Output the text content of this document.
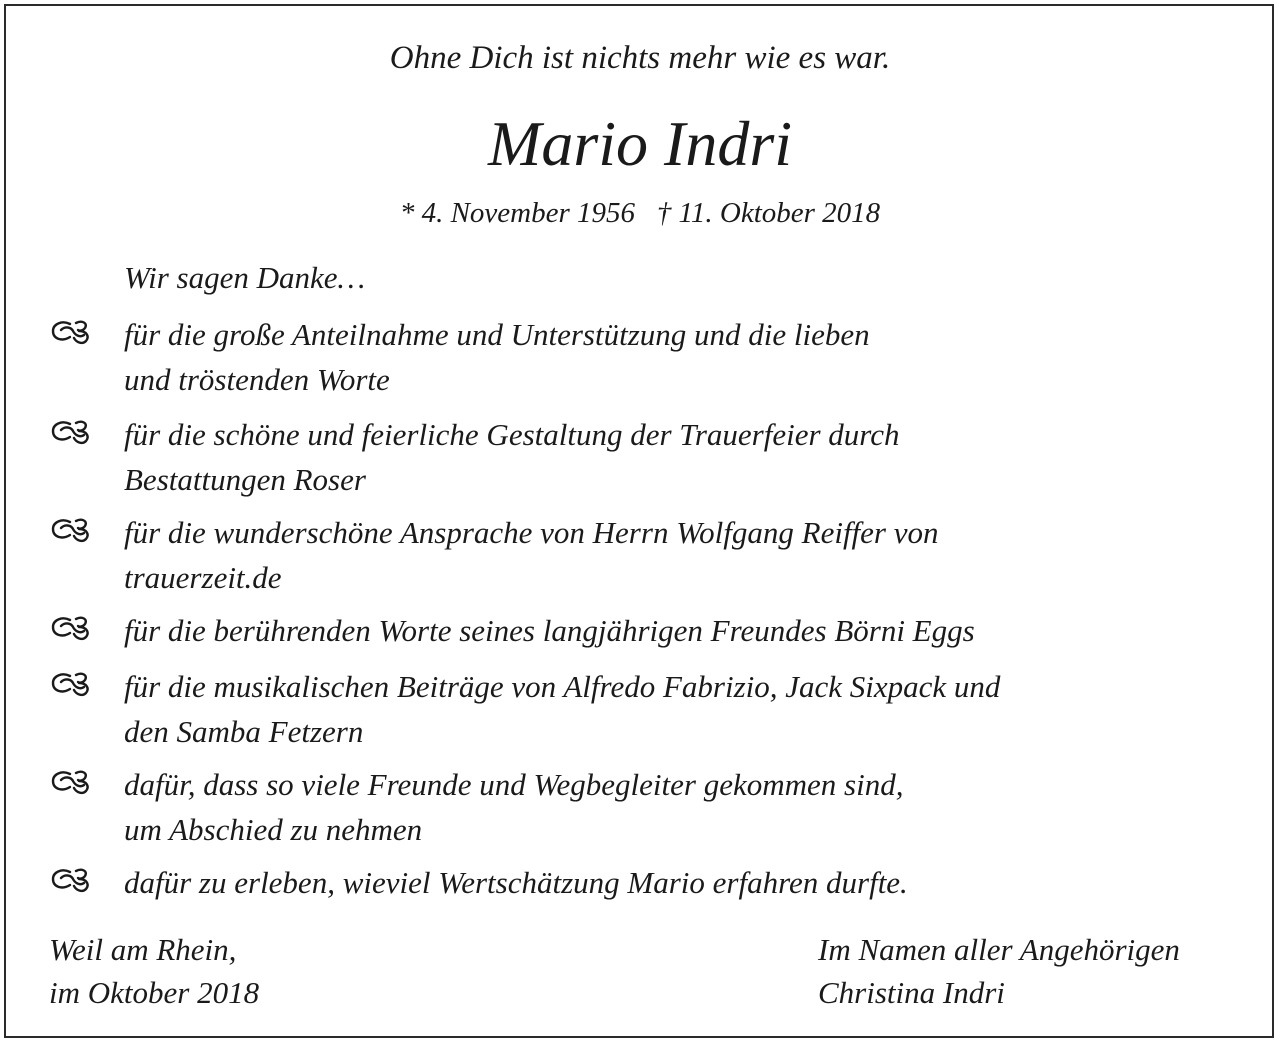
Ohne Dich ist nichts mehr wie es war.
Mario Indri
* 4. November 1956   † 11. Oktober 2018
Wir sagen Danke…
für die große Anteilnahme und Unterstützung und die lieben
und tröstenden Worte
für die schöne und feierliche Gestaltung der Trauerfeier durch
Bestattungen Roser
für die wunderschöne Ansprache von Herrn Wolfgang Reiffer von
trauerzeit.de
für die berührenden Worte seines langjährigen Freundes Börni Eggs
für die musikalischen Beiträge von Alfredo Fabrizio, Jack Sixpack und
den Samba Fetzern
dafür, dass so viele Freunde und Wegbegleiter gekommen sind,
um Abschied zu nehmen
dafür zu erleben, wieviel Wertschätzung Mario erfahren durfte.
Weil am Rhein,
im Oktober 2018
Im Namen aller Angehörigen
Christina Indri
